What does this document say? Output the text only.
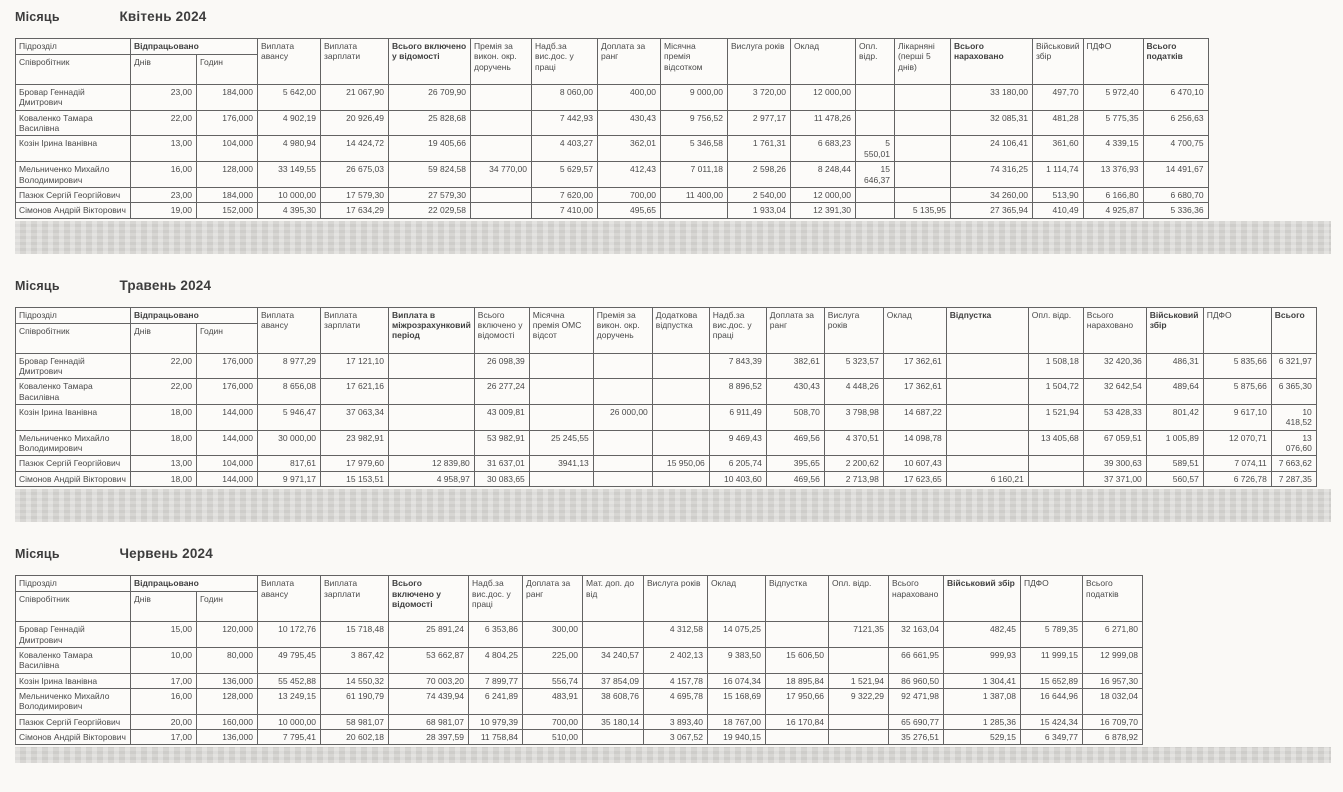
Місяць	Квітень 2024
Підрозділ	Відпрацьовано		Виплата авансу	Виплата зарплати	Всього включено у відомості	Премія за викон. окр. доручень	Надб.за вис.дос. у праці	Доплата за ранг	Місячна премія відсотком	Вислуга років	Оклад	Опл. відр.	Лікарняні (перші 5 днів)	Всього нараховано	Військовий збір	ПДФО	Всього податків
Співробітник	Днів	Годин															
Бровар Геннадій Дмитрович	23,00	184,000	5 642,00	21 067,90	26 709,90		8 060,00	400,00	9 000,00	3 720,00	12 000,00			33 180,00	497,70	5 972,40	6 470,10
Коваленко Тамара Василівна	22,00	176,000	4 902,19	20 926,49	25 828,68		7 442,93	430,43	9 756,52	2 977,17	11 478,26			32 085,31	481,28	5 775,35	6 256,63
Козін Ірина Іванівна	13,00	104,000	4 980,94	14 424,72	19 405,66		4 403,27	362,01	5 346,58	1 761,31	6 683,23	5 550,01		24 106,41	361,60	4 339,15	4 700,75
Мельниченко Михайло Володимирович	16,00	128,000	33 149,55	26 675,03	59 824,58	34 770,00	5 629,57	412,43	7 011,18	2 598,26	8 248,44	15 646,37		74 316,25	1 114,74	13 376,93	14 491,67
Пазюк Сергій Георгійович	23,00	184,000	10 000,00	17 579,30	27 579,30		7 620,00	700,00	11 400,00	2 540,00	12 000,00			34 260,00	513,90	6 166,80	6 680,70
Сімонов Андрій Вікторович	19,00	152,000	4 395,30	17 634,29	22 029,58		7 410,00	495,65		1 933,04	12 391,30		5 135,95	27 365,94	410,49	4 925,87	5 336,36
Місяць	Травень 2024
Підрозділ	Відпрацьовано		Виплата авансу	Виплата зарплати	Виплата в міжрозрахунковий період	Всього включено у відомості	Місячна премія ОМС відсот	Премія за викон. окр. доручень	Додаткова відпустка	Надб.за вис.дос. у праці	Доплата за ранг	Вислуга років	Оклад	Відпустка	Опл. відр.	Всього нараховано	Військовий збір	ПДФО	Всього
Співробітник	Днів	Годин																	
Бровар Геннадій Дмитрович	22,00	176,000	8 977,29	17 121,10		26 098,39				7 843,39	382,61	5 323,57	17 362,61		1 508,18	32 420,36	486,31	5 835,66	6 321,97
Коваленко Тамара Василівна	22,00	176,000	8 656,08	17 621,16		26 277,24				8 896,52	430,43	4 448,26	17 362,61		1 504,72	32 642,54	489,64	5 875,66	6 365,30
Козін Ірина Іванівна	18,00	144,000	5 946,47	37 063,34		43 009,81		26 000,00		6 911,49	508,70	3 798,98	14 687,22		1 521,94	53 428,33	801,42	9 617,10	10 418,52
Мельниченко Михайло Володимирович	18,00	144,000	30 000,00	23 982,91		53 982,91	25 245,55			9 469,43	469,56	4 370,51	14 098,78		13 405,68	67 059,51	1 005,89	12 070,71	13 076,60
Пазюк Сергій Георгійович	13,00	104,000	817,61	17 979,60	12 839,80	31 637,01	3941,13		15 950,06	6 205,74	395,65	2 200,62	10 607,43			39 300,63	589,51	7 074,11	7 663,62
Сімонов Андрій Вікторович	18,00	144,000	9 971,17	15 153,51	4 958,97	30 083,65				10 403,60	469,56	2 713,98	17 623,65	6 160,21		37 371,00	560,57	6 726,78	7 287,35
Місяць	Червень 2024
Підрозділ	Відпрацьовано		Виплата авансу	Виплата зарплати	Всього включено у відомості	Надб.за вис.дос. у праці	Доплата за ранг	Мат. доп. до від	Вислуга років	Оклад	Відпустка	Опл. відр.	Всього нараховано	Військовий збір	ПДФО	Всього податків
Співробітник	Днів	Годин														
Бровар Геннадій Дмитрович	15,00	120,000	10 172,76	15 718,48	25 891,24	6 353,86	300,00		4 312,58	14 075,25		7121,35	32 163,04	482,45	5 789,35	6 271,80
Коваленко Тамара Василівна	10,00	80,000	49 795,45	3 867,42	53 662,87	4 804,25	225,00	34 240,57	2 402,13	9 383,50	15 606,50		66 661,95	999,93	11 999,15	12 999,08
Козін Ірина Іванівна	17,00	136,000	55 452,88	14 550,32	70 003,20	7 899,77	556,74	37 854,09	4 157,78	16 074,34	18 895,84	1 521,94	86 960,50	1 304,41	15 652,89	16 957,30
Мельниченко Михайло Володимирович	16,00	128,000	13 249,15	61 190,79	74 439,94	6 241,89	483,91	38 608,76	4 695,78	15 168,69	17 950,66	9 322,29	92 471,98	1 387,08	16 644,96	18 032,04
Пазюк Сергій Георгійович	20,00	160,000	10 000,00	58 981,07	68 981,07	10 979,39	700,00	35 180,14	3 893,40	18 767,00	16 170,84		65 690,77	1 285,36	15 424,34	16 709,70
Сімонов Андрій Вікторович	17,00	136,000	7 795,41	20 602,18	28 397,59	11 758,84	510,00		3 067,52	19 940,15			35 276,51	529,15	6 349,77	6 878,92
